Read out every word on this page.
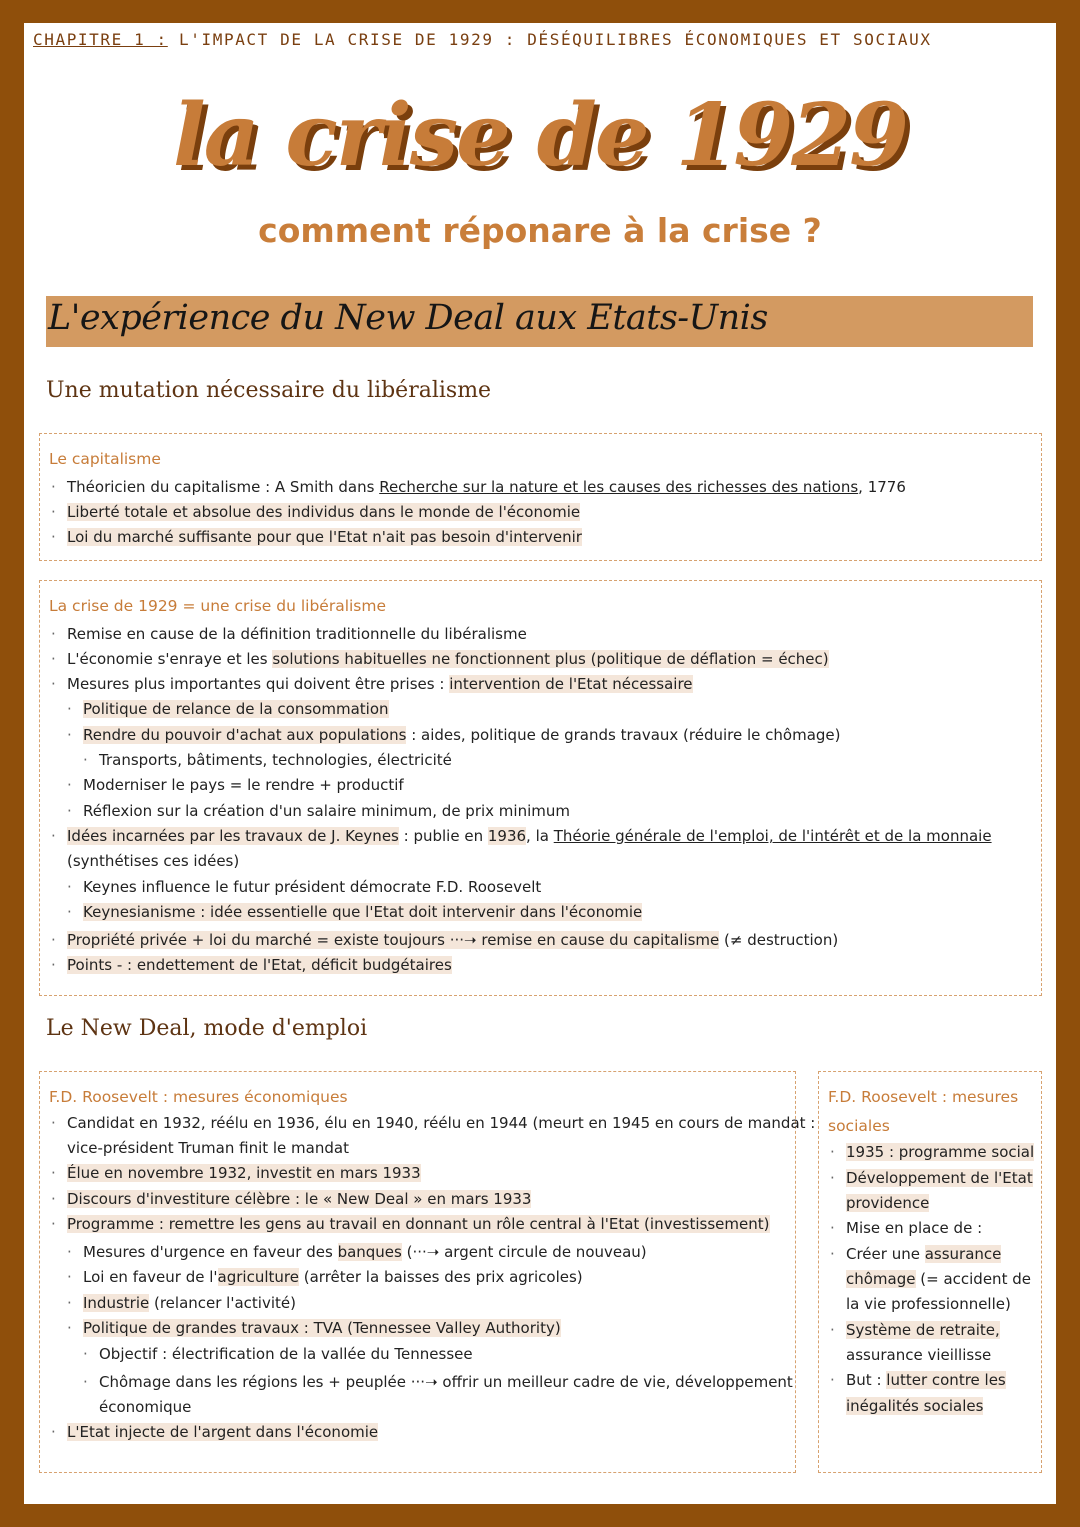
CHAPITRE 1 : L'IMPACT DE LA CRISE DE 1929 : DÉSÉQUILIBRES ÉCONOMIQUES ET SOCIAUX
la crise de 1929
comment réponare à la crise ?
L'expérience du New Deal aux Etats-Unis
Une mutation nécessaire du libéralisme
Le capitalisme
· Théoricien du capitalisme : A Smith dans Recherche sur la nature et les causes des richesses des nations, 1776
· Liberté totale et absolue des individus dans le monde de l'économie
· Loi du marché suffisante pour que l'Etat n'ait pas besoin d'intervenir
La crise de 1929 = une crise du libéralisme
· Remise en cause de la définition traditionnelle du libéralisme
· L'économie s'enraye et les solutions habituelles ne fonctionnent plus (politique de déflation = échec)
· Mesures plus importantes qui doivent être prises : intervention de l'Etat nécessaire
· Politique de relance de la consommation
· Rendre du pouvoir d'achat aux populations : aides, politique de grands travaux (réduire le chômage)
· Transports, bâtiments, technologies, électricité
· Moderniser le pays = le rendre + productif
· Réflexion sur la création d'un salaire minimum, de prix minimum
· Idées incarnées par les travaux de J. Keynes : publie en 1936, la Théorie générale de l'emploi, de l'intérêt et de la monnaie
(synthétises ces idées)
· Keynes influence le futur président démocrate F.D. Roosevelt
· Keynesianisme : idée essentielle que l'Etat doit intervenir dans l'économie
· Propriété privée + loi du marché = existe toujours ···➝ remise en cause du capitalisme (≠ destruction)
· Points - : endettement de l'Etat, déficit budgétaires
Le New Deal, mode d'emploi
F.D. Roosevelt : mesures économiques
· Candidat en 1932, réélu en 1936, élu en 1940, réélu en 1944 (meurt en 1945 en cours de mandat :
vice-président Truman finit le mandat
· Élue en novembre 1932, investit en mars 1933
· Discours d'investiture célèbre : le « New Deal » en mars 1933
· Programme : remettre les gens au travail en donnant un rôle central à l'Etat (investissement)
· Mesures d'urgence en faveur des banques (···➝ argent circule de nouveau)
· Loi en faveur de l'agriculture (arrêter la baisses des prix agricoles)
· Industrie (relancer l'activité)
· Politique de grandes travaux : TVA (Tennessee Valley Authority)
· Objectif : électrification de la vallée du Tennessee
· Chômage dans les régions les + peuplée ···➝ offrir un meilleur cadre de vie, développement
économique
· L'Etat injecte de l'argent dans l'économie
F.D. Roosevelt : mesures
sociales
· 1935 : programme social
· Développement de l'Etat
providence
· Mise en place de :
· Créer une assurance
chômage (= accident de
la vie professionnelle)
· Système de retraite,
assurance vieillisse
· But : lutter contre les
inégalités sociales
